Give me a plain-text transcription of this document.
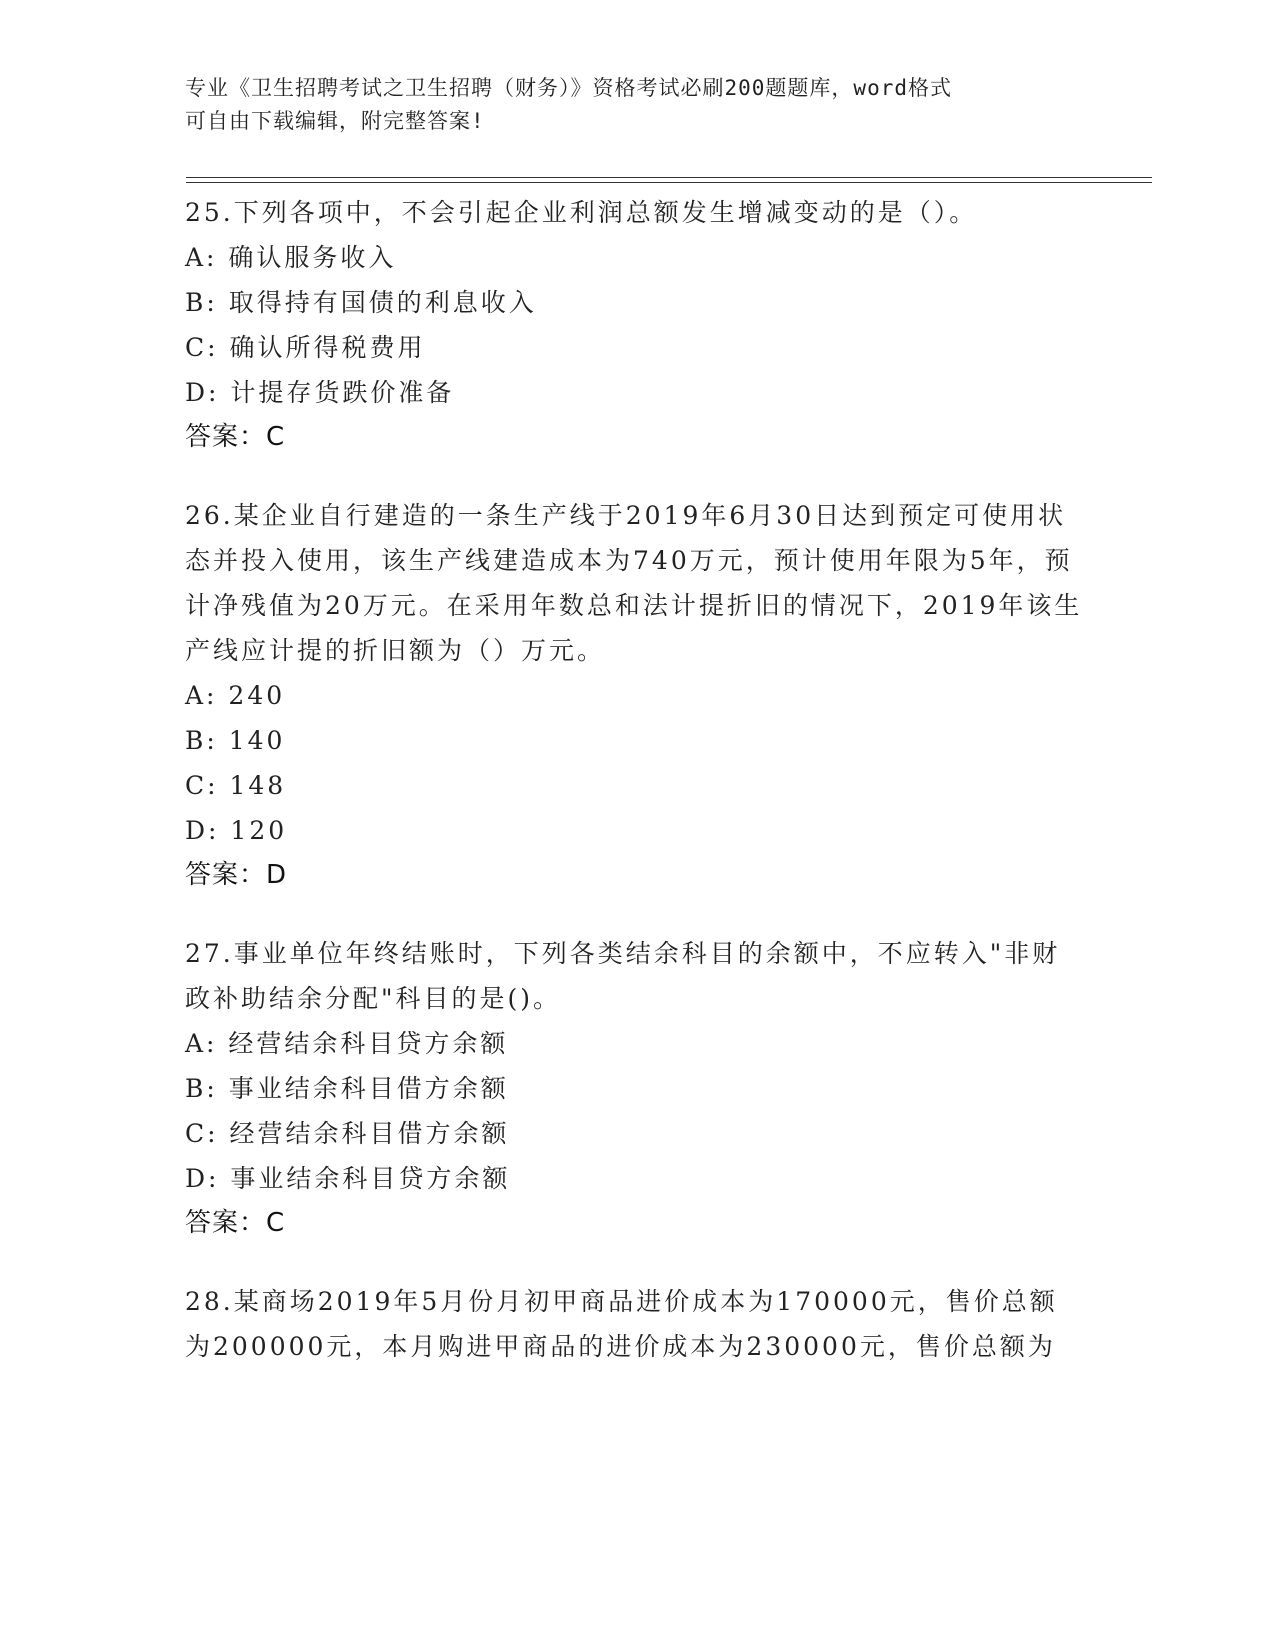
专业《卫生招聘考试之卫生招聘（财务）》资格考试必刷200题题库，word格式
可自由下载编辑，附完整答案!

25.下列各项中，不会引起企业利润总额发生增减变动的是（）。

A: 确认服务收入

B: 取得持有国债的利息收入

C: 确认所得税费用

D: 计提存货跌价准备

答案：C

26.某企业自行建造的一条生产线于2019年6月30日达到预定可使用状态并投入使用，该生产线建造成本为740万元，预计使用年限为5年，预计净残值为20万元。在采用年数总和法计提折旧的情况下，2019年该生产线应计提的折旧额为（）万元。

A: 240

B: 140

C: 148

D: 120

答案：D

27.事业单位年终结账时，下列各类结余科目的余额中，不应转入"非财政补助结余分配"科目的是()。

A: 经营结余科目贷方余额

B: 事业结余科目借方余额

C: 经营结余科目借方余额

D: 事业结余科目贷方余额

答案：C

28.某商场2019年5月份月初甲商品进价成本为170000元，售价总额为200000元，本月购进甲商品的进价成本为230000元，售价总额为
